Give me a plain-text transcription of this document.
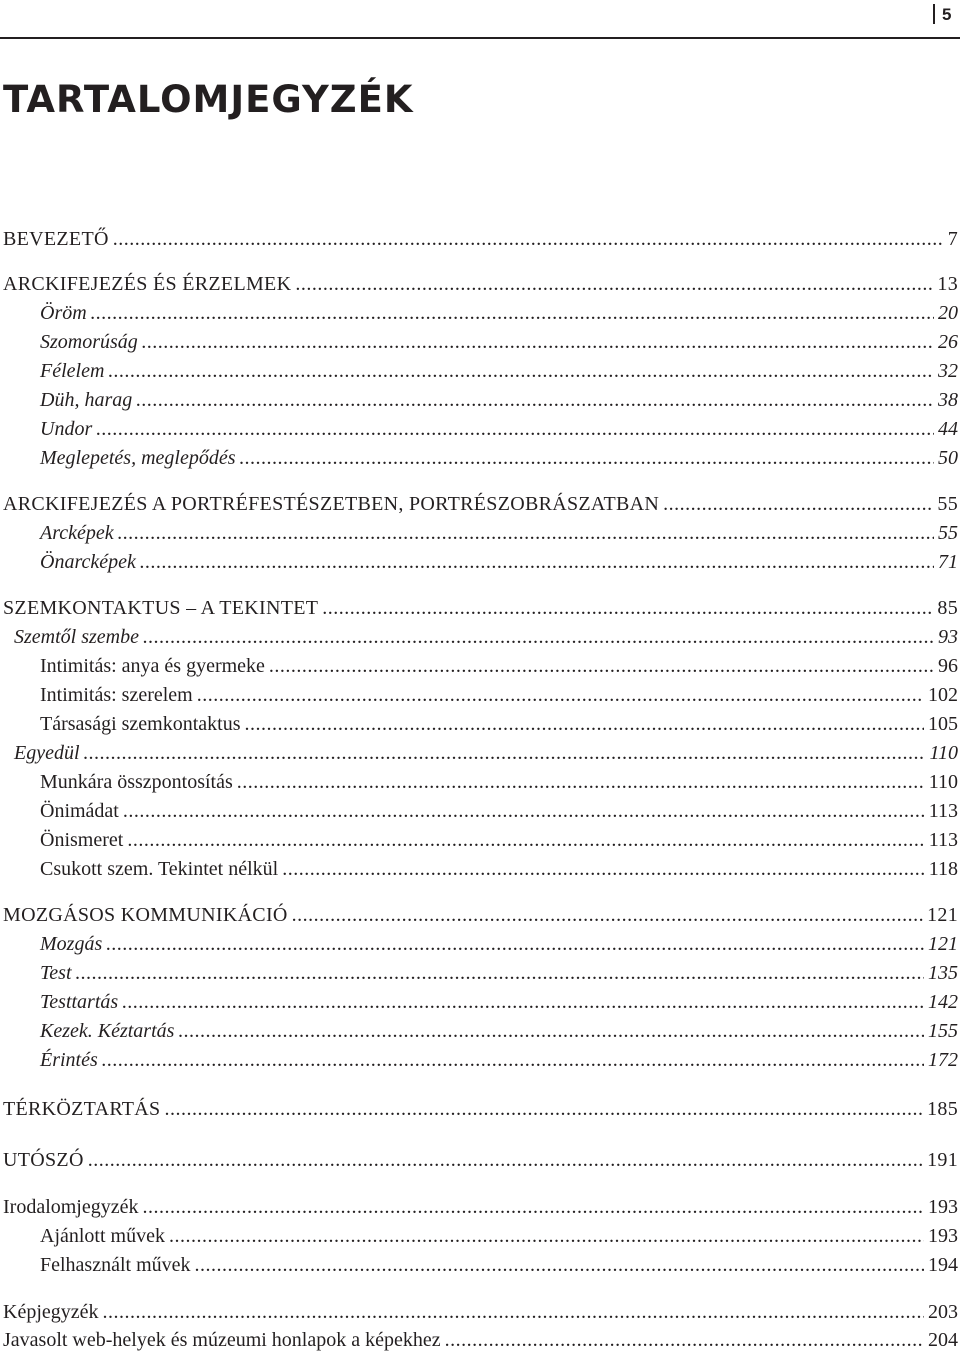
5
TARTALOMJEGYZÉK
BEVEZETŐ .....	7
ARCKIFEJEZÉS ÉS ÉRZELMEK .....	13
Öröm .....	20
Szomorúság .....	26
Félelem .....	32
Düh, harag .....	38
Undor .....	44
Meglepetés, meglepődés .....	50
ARCKIFEJEZÉS A PORTRÉFESTÉSZETBEN, PORTRÉSZOBRÁSZATBAN .....	55
Arcképek .....	55
Önarcképek .....	71
SZEMKONTAKTUS – A TEKINTET .....	85
Szemtől szembe .....	93
Intimitás: anya és gyermeke .....	96
Intimitás: szerelem .....	102
Társasági szemkontaktus .....	105
Egyedül .....	110
Munkára összpontosítás .....	110
Önimádat .....	113
Önismeret .....	113
Csukott szem. Tekintet nélkül .....	118
MOZGÁSOS KOMMUNIKÁCIÓ .....	121
Mozgás .....	121
Test .....	135
Testtartás .....	142
Kezek. Kéztartás .....	155
Érintés .....	172
TÉRKÖZTARTÁS .....	185
UTÓSZÓ .....	191
Irodalomjegyzék .....	193
Ajánlott művek .....	193
Felhasznált művek .....	194
Képjegyzék .....	203
Javasolt web-helyek és múzeumi honlapok a képekhez .....	204
